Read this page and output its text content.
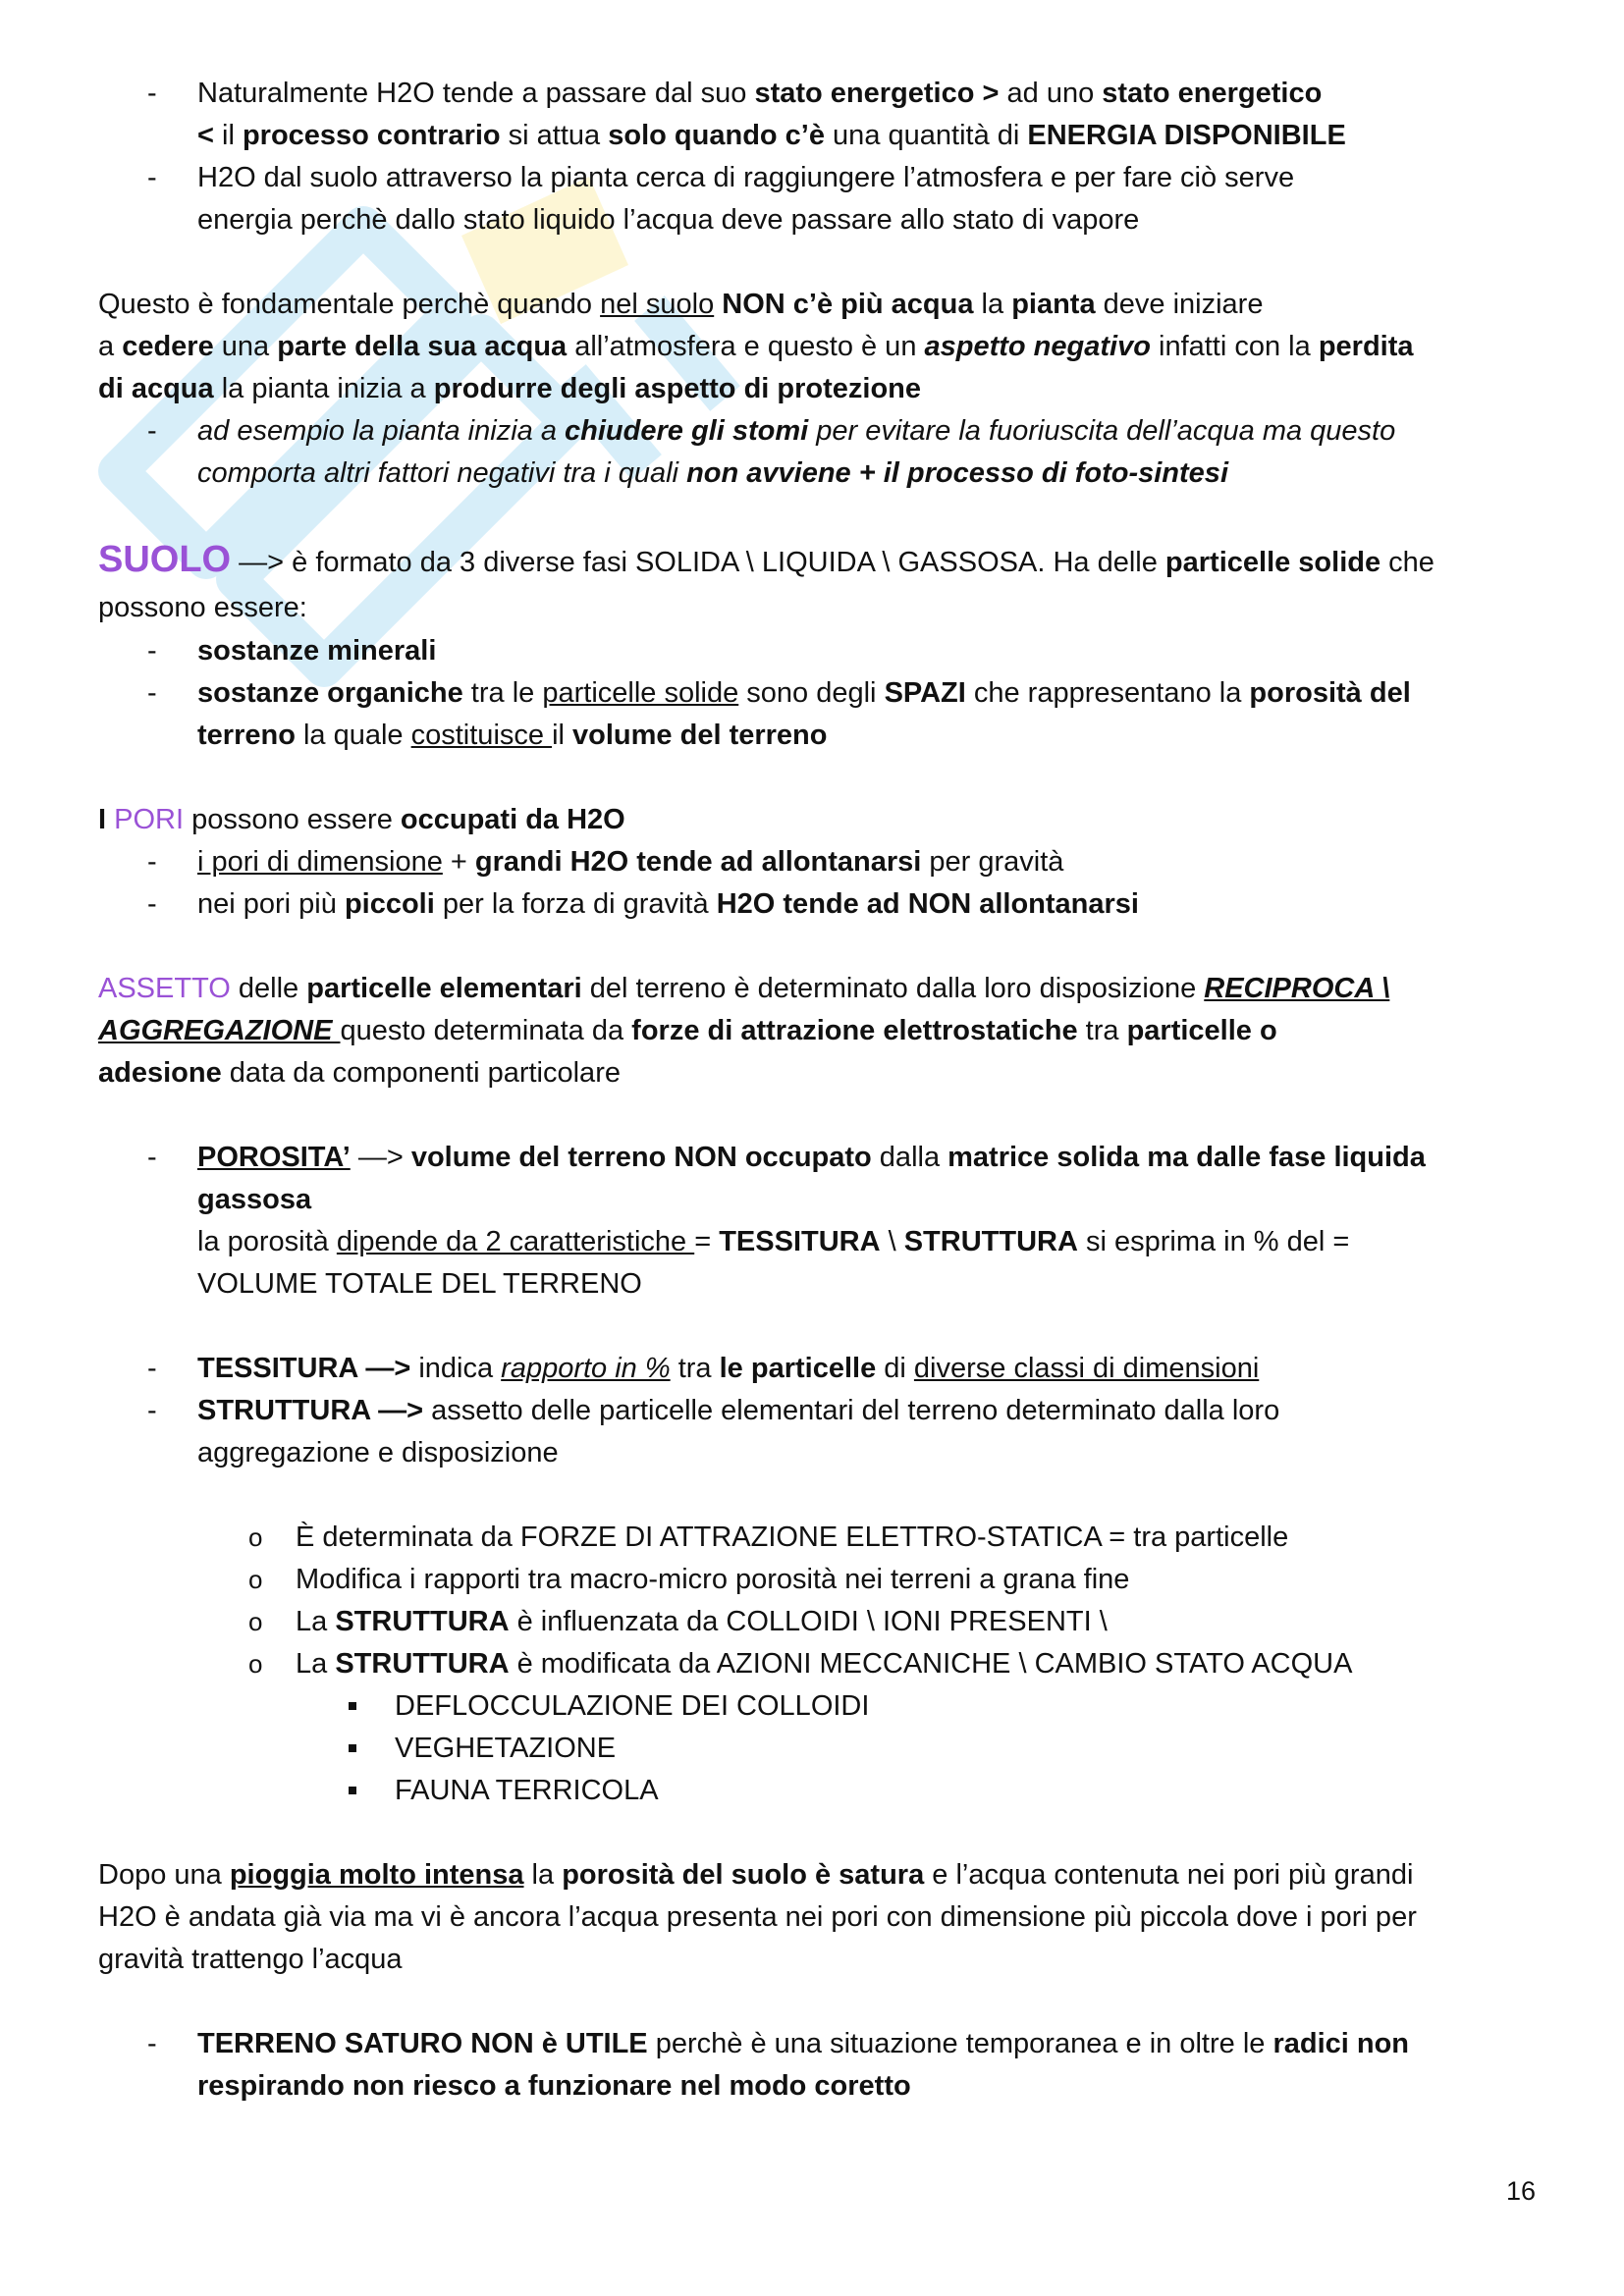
- Naturalmente H2O tende a passare dal suo stato energetico > ad uno stato energetico
< il processo contrario si attua solo quando c’è una quantità di ENERGIA DISPONIBILE
- H2O dal suolo attraverso la pianta cerca di raggiungere l’atmosfera e per fare ciò serve
energia perchè dallo stato liquido l’acqua deve passare allo stato di vapore

Questo è fondamentale perchè quando nel suolo NON c’è più acqua la pianta deve iniziare
a cedere una parte della sua acqua all’atmosfera e questo è un aspetto negativo infatti con la perdita
di acqua la pianta inizia a produrre degli aspetto di protezione

- ad esempio la pianta inizia a chiudere gli stomi per evitare la fuoriuscita dell’acqua ma questo
comporta altri fattori negativi tra i quali non avviene + il processo di foto-sintesi

SUOLO —> è formato da 3 diverse fasi SOLIDA \ LIQUIDA \ GASSOSA. Ha delle particelle solide che
possono essere:

- sostanze minerali
- sostanze organiche tra le particelle solide sono degli SPAZI che rappresentano la porosità del
terreno la quale costituisce il volume del terreno

I PORI possono essere occupati da H2O

- i pori di dimensione + grandi H2O tende ad allontanarsi per gravità
- nei pori più piccoli per la forza di gravità H2O tende ad NON allontanarsi

ASSETTO delle particelle elementari del terreno è determinato dalla loro disposizione RECIPROCA \
AGGREGAZIONE questo determinata da forze di attrazione elettrostatiche tra particelle o
adesione data da componenti particolare

- POROSITA’ —> volume del terreno NON occupato dalla matrice solida ma dalle fase liquida
gassosa
la porosità dipende da 2 caratteristiche = TESSITURA \ STRUTTURA si esprima in % del =
VOLUME TOTALE DEL TERRENO
- TESSITURA —> indica rapporto in % tra le particelle di diverse classi di dimensioni
- STRUTTURA —> assetto delle particelle elementari del terreno determinato dalla loro
aggregazione e disposizione
o È determinata da FORZE DI ATTRAZIONE ELETTRO-STATICA = tra particelle
o Modifica i rapporti tra macro-micro porosità nei terreni a grana fine
o La STRUTTURA è influenzata da COLLOIDI \ IONI PRESENTI \
o La STRUTTURA è modificata da AZIONI MECCANICHE \ CAMBIO STATO ACQUA
DEFLOCCULAZIONE DEI COLLOIDI
VEGHETAZIONE
FAUNA TERRICOLA

Dopo una pioggia molto intensa la porosità del suolo è satura e l’acqua contenuta nei pori più grandi
H2O è andata già via ma vi è ancora l’acqua presenta nei pori con dimensione più piccola dove i pori per
gravità trattengo l’acqua

- TERRENO SATURO NON è UTILE perchè è una situazione temporanea e in oltre le radici non
respirando non riesco a funzionare nel modo coretto
16
